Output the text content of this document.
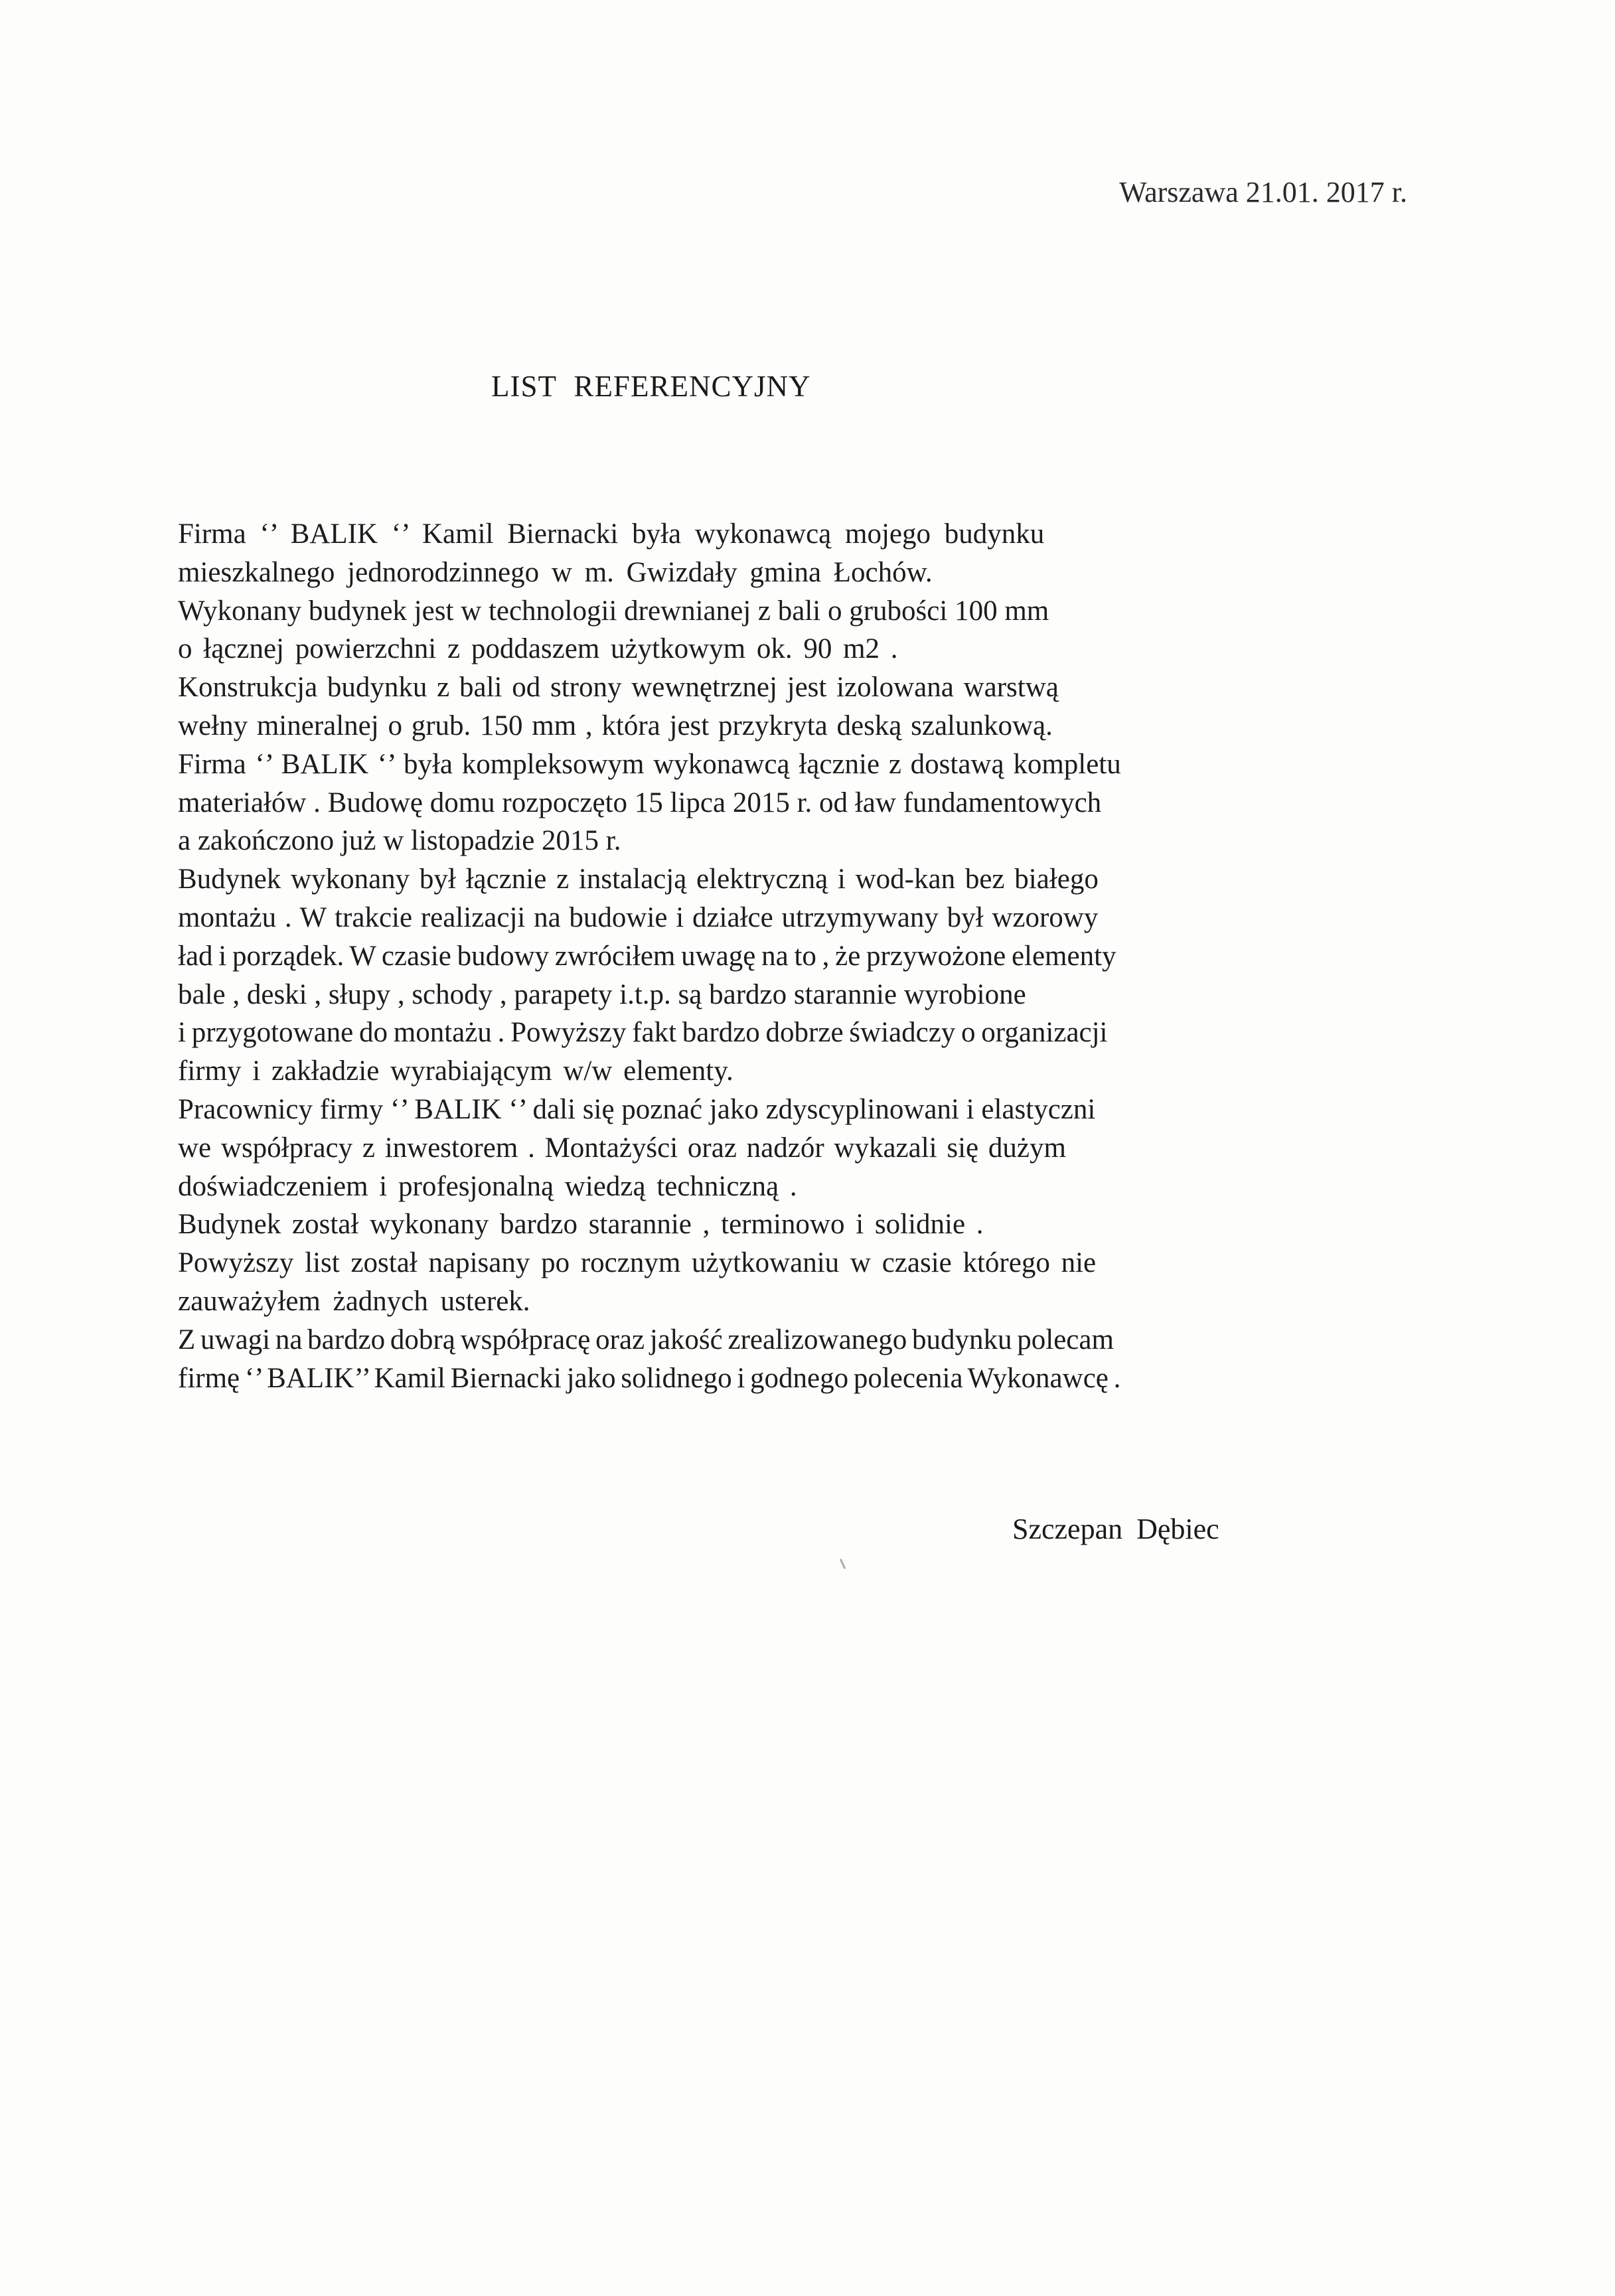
Warszawa 21.01. 2017 r.
LIST REFERENCYJNY
Firma ‘’ BALIK ‘’ Kamil Biernacki była wykonawcą mojego budynku
mieszkalnego jednorodzinnego w m. Gwizdały gmina Łochów.
Wykonany budynek jest w technologii drewnianej z bali o grubości 100 mm
o łącznej powierzchni z poddaszem użytkowym ok. 90 m2 .
Konstrukcja budynku z bali od strony wewnętrznej jest izolowana warstwą
wełny mineralnej o grub. 150 mm , która jest przykryta deską szalunkową.
Firma ‘’ BALIK ‘’ była kompleksowym wykonawcą łącznie z dostawą kompletu
materiałów . Budowę domu rozpoczęto 15 lipca 2015 r. od ław fundamentowych
a zakończono już w listopadzie 2015 r.
Budynek wykonany był łącznie z instalacją elektryczną i wod-kan bez białego
montażu . W trakcie realizacji na budowie i działce utrzymywany był wzorowy
ład i porządek. W czasie budowy zwróciłem uwagę na to , że przywożone elementy
bale , deski , słupy , schody , parapety i.t.p. są bardzo starannie wyrobione
i przygotowane do montażu . Powyższy fakt bardzo dobrze świadczy o organizacji
firmy i zakładzie wyrabiającym w/w elementy.
Pracownicy firmy ‘’ BALIK ‘’ dali się poznać jako zdyscyplinowani i elastyczni
we współpracy z inwestorem . Montażyści oraz nadzór wykazali się dużym
doświadczeniem i profesjonalną wiedzą techniczną .
Budynek został wykonany bardzo starannie , terminowo i solidnie .
Powyższy list został napisany po rocznym użytkowaniu w czasie którego nie
zauważyłem żadnych usterek.
Z uwagi na bardzo dobrą współpracę oraz jakość zrealizowanego budynku polecam
firmę ‘’ BALIK’’ Kamil Biernacki jako solidnego i godnego polecenia Wykonawcę .
Szczepan Dębiec
